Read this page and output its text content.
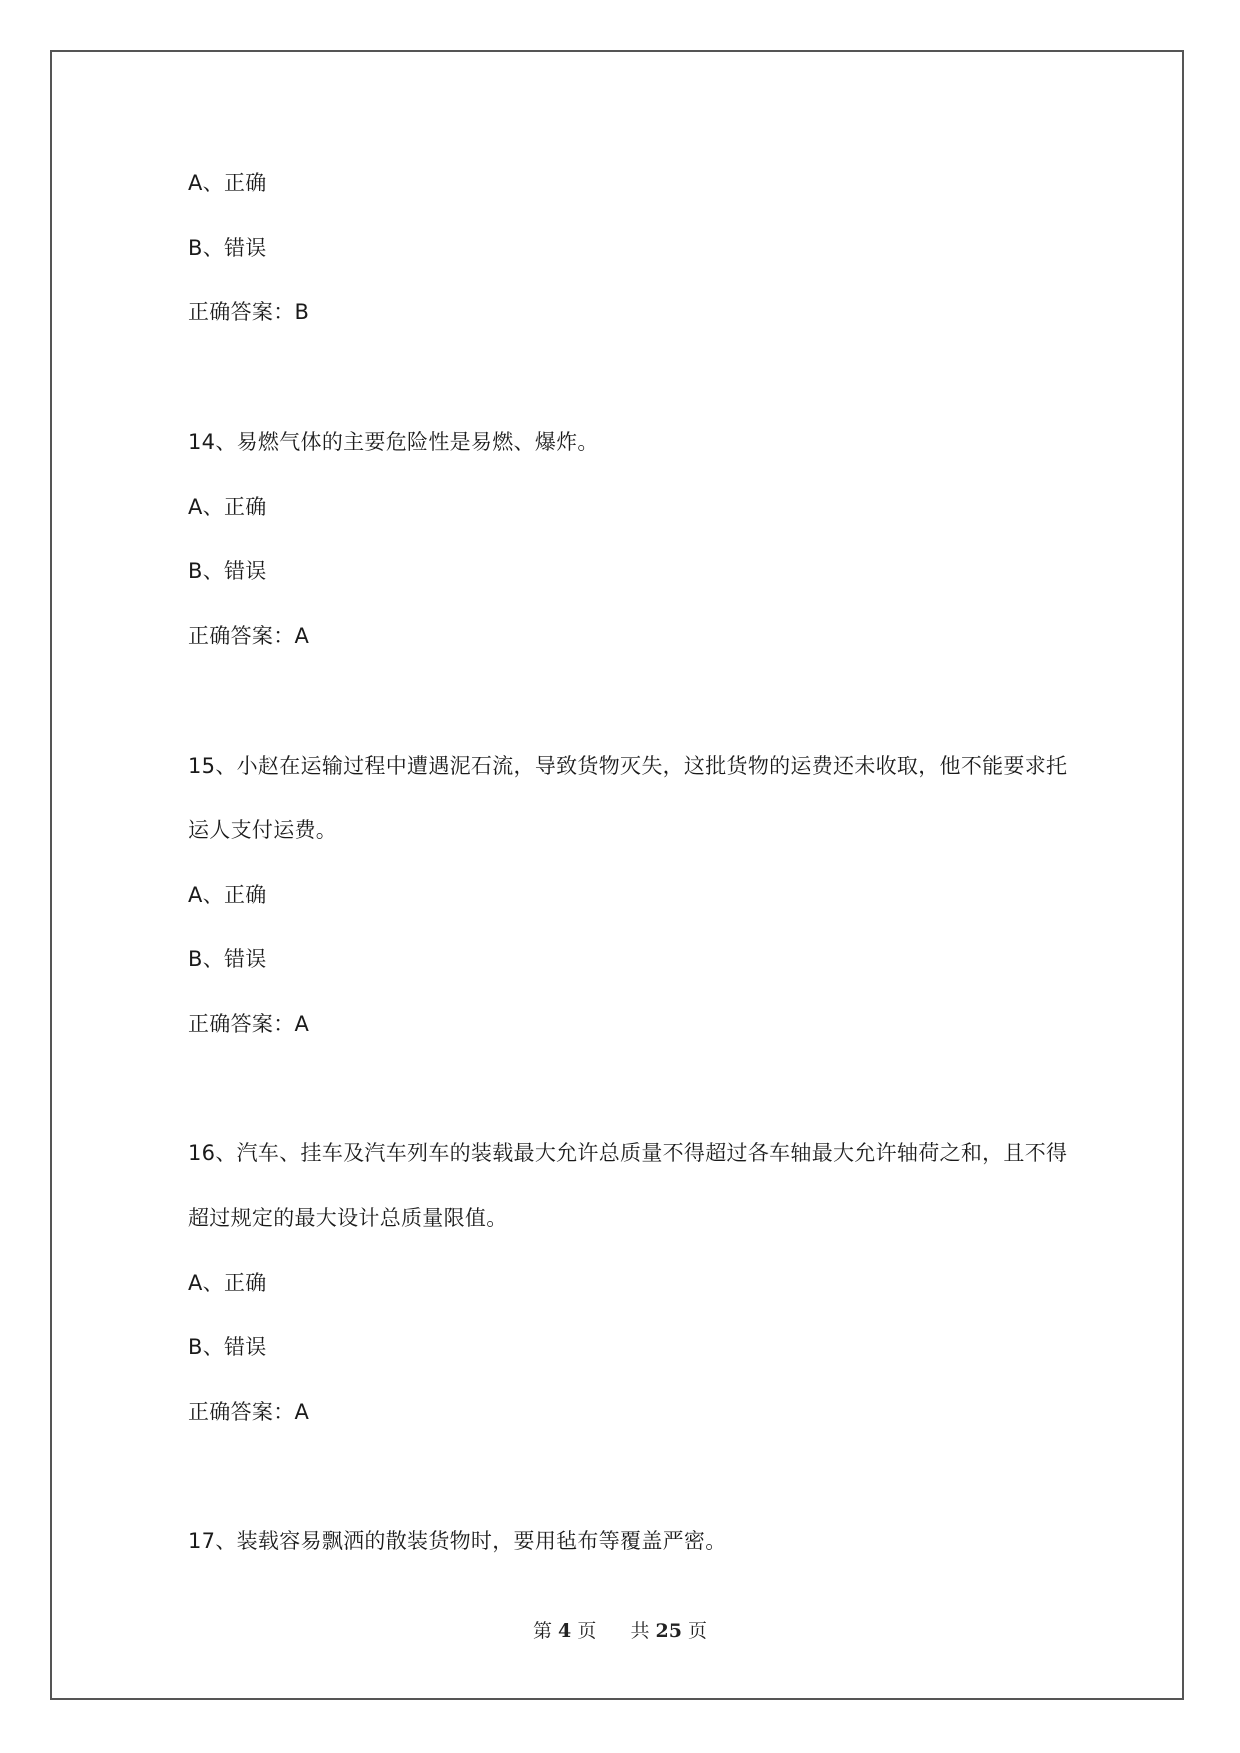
A、正确
B、错误
正确答案：B
14、易燃气体的主要危险性是易燃、爆炸。
A、正确
B、错误
正确答案：A
15、小赵在运输过程中遭遇泥石流，导致货物灭失，这批货物的运费还未收取，他不能要求托
运人支付运费。
A、正确
B、错误
正确答案：A
16、汽车、挂车及汽车列车的装载最大允许总质量不得超过各车轴最大允许轴荷之和，且不得
超过规定的最大设计总质量限值。
A、正确
B、错误
正确答案：A
17、装载容易飘洒的散装货物时，要用毡布等覆盖严密。
第 4 页 共 25 页
